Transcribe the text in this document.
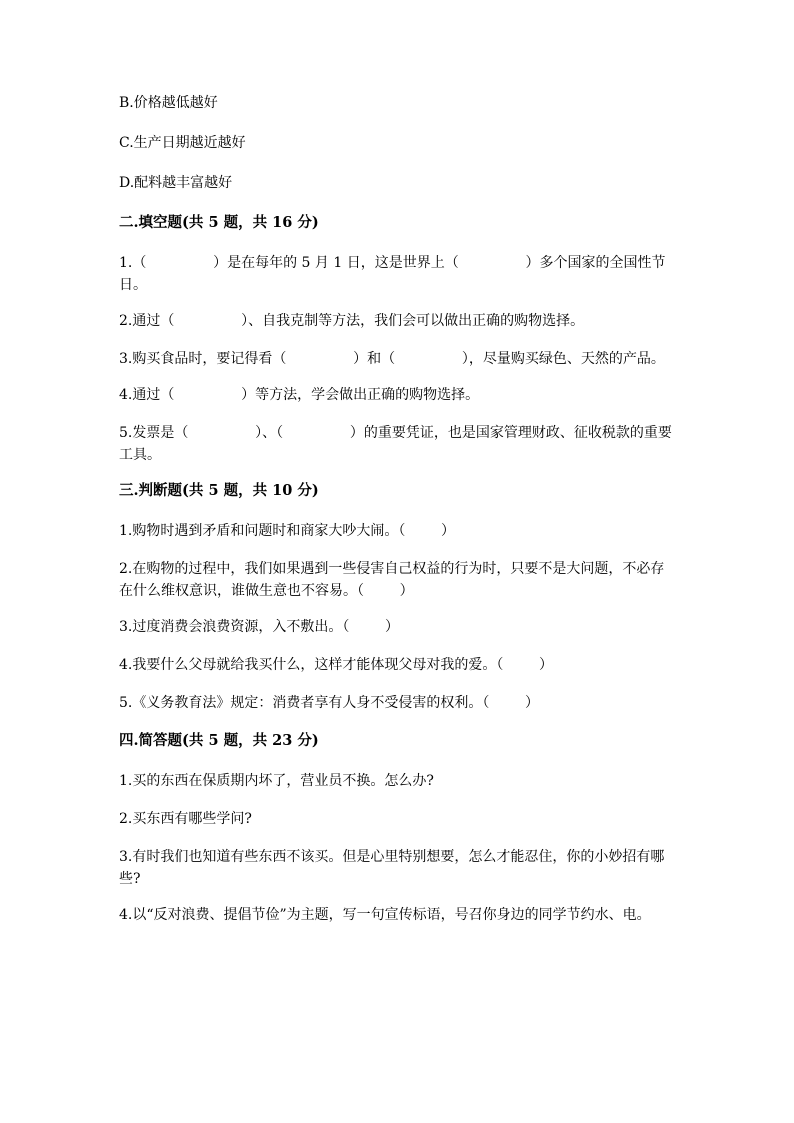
B.价格越低越好

C.生产日期越近越好

D.配料越丰富越好

二.填空题(共 5 题，共 16 分)

1.（               ）是在每年的 5 月 1 日，这是世界上（               ）多个国家的全国性节日。

2.通过（               ）、自我克制等方法，我们会可以做出正确的购物选择。

3.购买食品时，要记得看（               ）和（               ），尽量购买绿色、天然的产品。

4.通过（               ）等方法，学会做出正确的购物选择。

5.发票是（               ）、（               ）的重要凭证，也是国家管理财政、征收税款的重要工具。

三.判断题(共 5 题，共 10 分)

1.购物时遇到矛盾和问题时和商家大吵大闹。（        ）

2.在购物的过程中，我们如果遇到一些侵害自己权益的行为时，只要不是大问题，不必存在什么维权意识，谁做生意也不容易。（        ）

3.过度消费会浪费资源，入不敷出。（        ）

4.我要什么父母就给我买什么，这样才能体现父母对我的爱。（        ）

5.《义务教育法》规定：消费者享有人身不受侵害的权利。（        ）

四.简答题(共 5 题，共 23 分)

1.买的东西在保质期内坏了，营业员不换。怎么办?

2.买东西有哪些学问?

3.有时我们也知道有些东西不该买。但是心里特别想要，怎么才能忍住，你的小妙招有哪些?

4.以“反对浪费、提倡节俭”为主题，写一句宣传标语，号召你身边的同学节约水、电。
